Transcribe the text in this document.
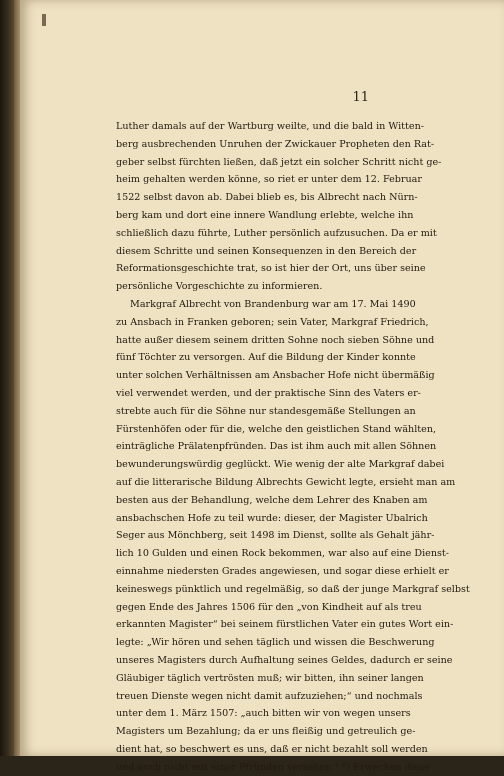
11
Luther damals auf der Wartburg weilte, und die bald in Witten-
berg ausbrechenden Unruhen der Zwickauer Propheten den Rat-
geber selbst fürchten ließen, daß jetzt ein solcher Schritt nicht ge-
heim gehalten werden könne, so riet er unter dem 12. Februar
1522 selbst davon ab. Dabei blieb es, bis Albrecht nach Nürn-
berg kam und dort eine innere Wandlung erlebte, welche ihn
schließlich dazu führte, Luther persönlich aufzusuchen. Da er mit
diesem Schritte und seinen Konsequenzen in den Bereich der
Reformationsgeschichte trat, so ist hier der Ort, uns über seine
persönliche Vorgeschichte zu informieren.
Markgraf Albrecht von Brandenburg war am 17. Mai 1490
zu Ansbach in Franken geboren; sein Vater, Markgraf Friedrich,
hatte außer diesem seinem dritten Sohne noch sieben Söhne und
fünf Töchter zu versorgen. Auf die Bildung der Kinder konnte
unter solchen Verhältnissen am Ansbacher Hofe nicht übermäßig
viel verwendet werden, und der praktische Sinn des Vaters er-
strebte auch für die Söhne nur standesgemäße Stellungen an
Fürstenhöfen oder für die, welche den geistlichen Stand wählten,
einträgliche Prälatenpfründen. Das ist ihm auch mit allen Söhnen
bewunderungswürdig geglückt. Wie wenig der alte Markgraf dabei
auf die litterarische Bildung Albrechts Gewicht legte, ersieht man am
besten aus der Behandlung, welche dem Lehrer des Knaben am
ansbachschen Hofe zu teil wurde: dieser, der Magister Ubalrich
Seger aus Mönchberg, seit 1498 im Dienst, sollte als Gehalt jähr-
lich 10 Gulden und einen Rock bekommen, war also auf eine Dienst-
einnahme niedersten Grades angewiesen, und sogar diese erhielt er
keineswegs pünktlich und regelmäßig, so daß der junge Markgraf selbst
gegen Ende des Jahres 1506 für den „von Kindheit auf als treu
erkannten Magister“ bei seinem fürstlichen Vater ein gutes Wort ein-
legte: „Wir hören und sehen täglich und wissen die Beschwerung
unseres Magisters durch Aufhaltung seines Geldes, dadurch er seine
Gläubiger täglich vertrösten muß; wir bitten, ihn seiner langen
treuen Dienste wegen nicht damit aufzuziehen;“ und nochmals
unter dem 1. März 1507: „auch bitten wir von wegen unsers
Magisters um Bezahlung; da er uns fleißig und getreulich ge-
dient hat, so beschwert es uns, daß er nicht bezahlt soll werden
und auch nicht mit einer Pfründen versehen.“ ⁶) Erwecken diese
